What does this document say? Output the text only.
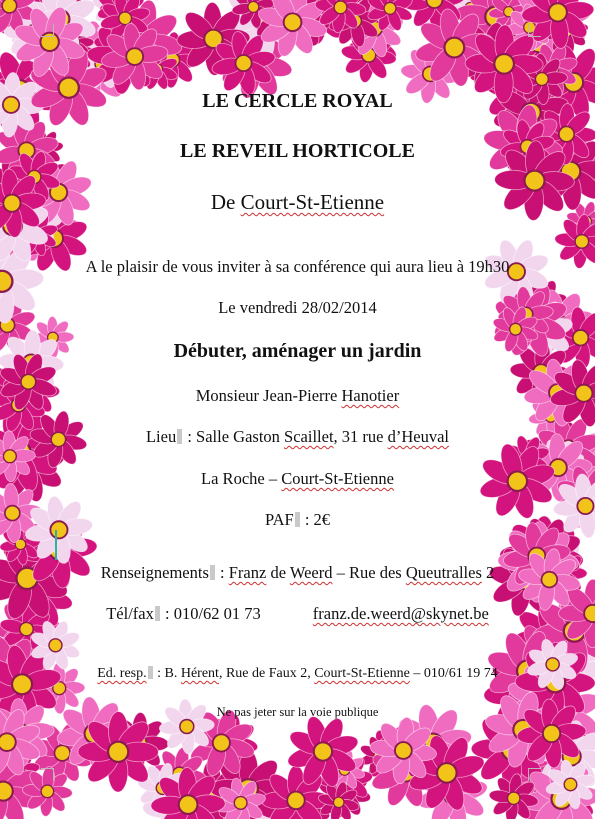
LE CERCLE ROYAL
LE REVEIL HORTICOLE
De Court-St-Etienne
A le plaisir de vous inviter à sa conférence qui aura lieu à 19h30
Le vendredi 28/02/2014
Débuter, aménager un jardin
Monsieur Jean-Pierre Hanotier
Lieu : Salle Gaston Scaillet, 31 rue d’Heuval
La Roche – Court-St-Etienne
PAF : 2€
Renseignements : Franz de Weerd – Rue des Queutralles 2
Tél/fax : 010/62 01 73	franz.de.weerd@skynet.be
Ed. resp. : B. Hérent, Rue de Faux 2, Court-St-Etienne – 010/61 19 74
Ne pas jeter sur la voie publique
